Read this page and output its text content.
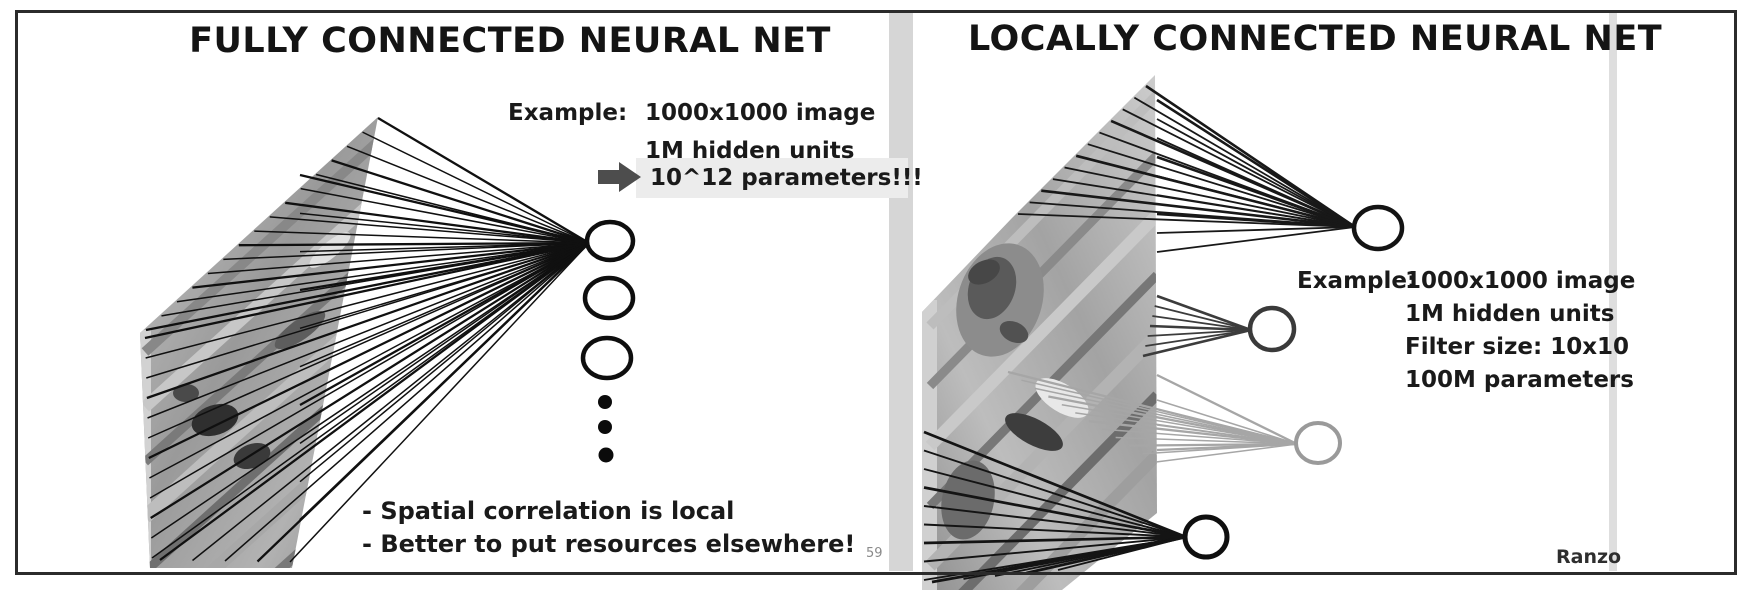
FULLY CONNECTED NEURAL NET
Example: 1000x1000 image
1M hidden units
10^12 parameters!!!
- Spatial correlation is local
- Better to put resources elsewhere! 59
LOCALLY CONNECTED NEURAL NET
Example:
1000x1000 image
1M hidden units
Filter size: 10x10
100M parameters
Ranzo
